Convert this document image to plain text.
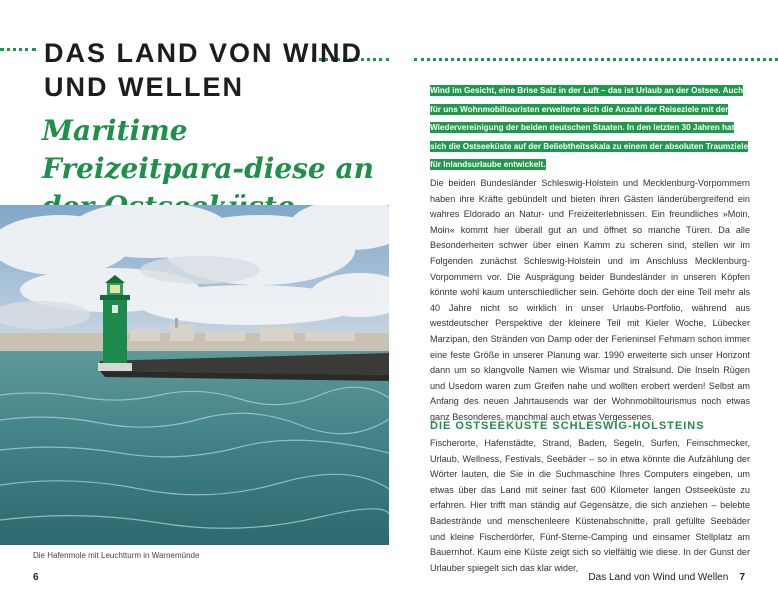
DAS LAND VON WIND UND WELLEN
Maritime Freizeitpara-diese an
Die Hafenmole mit Leuchtturm in Warnemünde
6

Wind im Gesicht, eine Brise Salz in der Luft – das ist Urlaub an der Ostsee. Auch für uns Wohnmobiltouristen erweiterte sich die Anzahl der Reiseziele mit der Wiedervereinigung der beiden deutschen Staaten. In den letzten 30 Jahren hat sich die Ostseeküste auf der Beliebtheitsskala zu einem der absoluten Traumziele für Inlandsurlaube entwickelt.

Die beiden Bundesländer Schleswig-Holstein und Mecklenburg-Vorpommern haben ihre Kräfte gebündelt und bieten ihren Gästen länderübergreifend ein wahres Eldorado an Natur- und Freizeiterlebnissen. Ein freundliches »Moin, Moin« kommt hier überall gut an und öffnet so manche Türen. Da alle Besonderheiten schwer über einen Kamm zu scheren sind, stellen wir im Folgenden zunächst Schleswig-Holstein und im Anschluss Mecklenburg-Vorpommern vor. Die Ausprägung beider Bundesländer in unseren Köpfen könnte wohl kaum unterschiedlicher sein. Gehörte doch der eine Teil mehr als 40 Jahre nicht so wirklich in unser Urlaubs-Portfolio, während aus westdeutscher Perspektive der kleinere Teil mit Kieler Woche, Lübecker Marzipan, den Stränden von Damp oder der Ferieninsel Fehmarn schon immer eine feste Größe in unserer Planung war. 1990 erweiterte sich unser Horizont dann um so klangvolle Namen wie Wismar und Stralsund. Die Inseln Rügen und Usedom waren zum Greifen nahe und wollten erobert werden! Selbst am Anfang des neuen Jahrtausends war der Wohnmobiltourismus noch etwas ganz Besonderes, manchmal auch etwas Vergessenes.

DIE OSTSEEKÜSTE SCHLESWIG-HOLSTEINS

Fischerorte, Hafenstädte, Strand, Baden, Segeln, Surfen, Feinschmecker, Urlaub, Wellness, Festivals, Seebäder – so in etwa könnte die Aufzählung der Wörter lauten, die Sie in die Suchmaschine Ihres Computers eingeben, um etwas über das Land mit seiner fast 600 Kilometer langen Ostseeküste zu erfahren. Hier trifft man ständig auf Gegensätze, die sich anziehen – belebte Badestrände und menschenleere Küstenabschnitte, prall gefüllte Seebäder und kleine Fischerdörfer, Fünf-Sterne-Camping und einsamer Stellplatz am Bauernhof. Kaum eine Küste zeigt sich so vielfältig wie diese. In der Gunst der Urlauber spiegelt sich das klar wider,

Das Land von Wind und Wellen 7
